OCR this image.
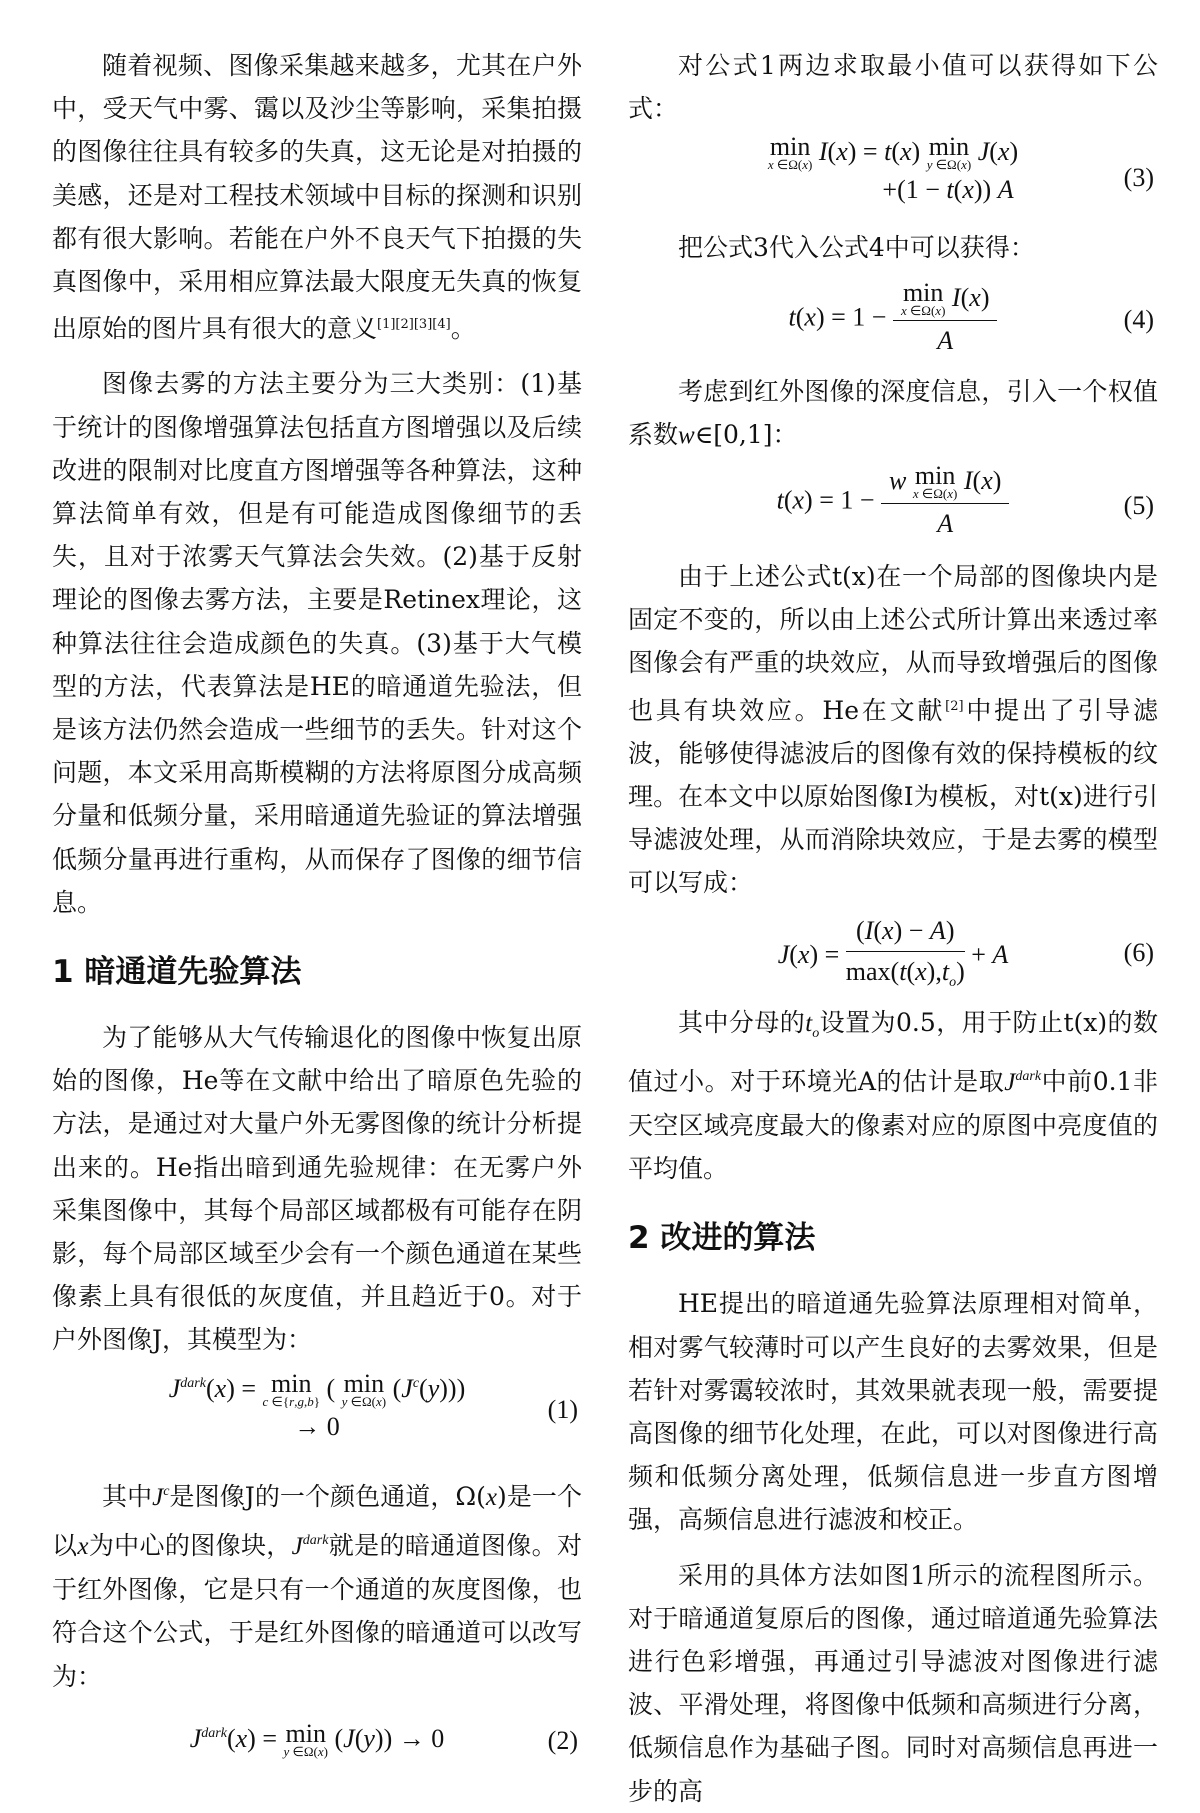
随着视频、图像采集越来越多，尤其在户外中，受天气中雾、霭以及沙尘等影响，采集拍摄的图像往往具有较多的失真，这无论是对拍摄的美感，还是对工程技术领域中目标的探测和识别都有很大影响。若能在户外不良天气下拍摄的失真图像中，采用相应算法最大限度无失真的恢复出原始的图片具有很大的意义[1][2][3][4]。

图像去雾的方法主要分为三大类别：(1)基于统计的图像增强算法包括直方图增强以及后续改进的限制对比度直方图增强等各种算法，这种算法简单有效，但是有可能造成图像细节的丢失，且对于浓雾天气算法会失效。(2)基于反射理论的图像去雾方法，主要是Retinex理论，这种算法往往会造成颜色的失真。(3)基于大气模型的方法，代表算法是HE的暗通道先验法，但是该方法仍然会造成一些细节的丢失。针对这个问题，本文采用高斯模糊的方法将原图分成高频分量和低频分量，采用暗通道先验证的算法增强低频分量再进行重构，从而保存了图像的细节信息。

1 暗通道先验算法

为了能够从大气传输退化的图像中恢复出原始的图像，He等在文献中给出了暗原色先验的方法，是通过对大量户外无雾图像的统计分析提出来的。He指出暗到通先验规律：在无雾户外采集图像中，其每个局部区域都极有可能存在阴影，每个局部区域至少会有一个颜色通道在某些像素上具有很低的灰度值，并且趋近于0。对于户外图像J，其模型为：

$J^{dark}(x) = \min$
c ∈{r,g,b} ( min
y ∈Ω(x) $(J^c(y))$)
→ 0
(1)

其中$J^c$是图像J的一个颜色通道，Ω(x)是一个以x为中心的图像块，$J^{dark}$就是的暗通道图像。对于红外图像，它是只有一个通道的灰度图像，也符合这个公式，于是红外图像的暗通道可以改写为：

$J^{dark}(x) = \min$
y ∈Ω(x) (J(y)) → 0	(2)

对公式1两边求取最小值可以获得如下公式：

min
x ∈Ω(x) I(x) = t(x) min
y ∈Ω(x) J(x)
+(1 − t(x)) A	(3)

把公式3代入公式4中可以获得：

t(x) = 1 − min
x ∈Ω(x) I(x)
A	(4)

考虑到红外图像的深度信息，引入一个权值系数w∈[0,1]：

t(x) = 1 − w min
x ∈Ω(x) I(x)
A	(5)

由于上述公式t(x)在一个局部的图像块内是固定不变的，所以由上述公式所计算出来透过率图像会有严重的块效应，从而导致增强后的图像也具有块效应。He在文献[2]中提出了引导滤波，能够使得滤波后的图像有效的保持模板的纹理。在本文中以原始图像I为模板，对t(x)进行引导滤波处理，从而消除块效应，于是去雾的模型可以写成：

$J(x) = \frac{(I(x) - A)}{\max(t(x),t_o)} + A$	(6)

其中分母的$t_o$设置为0.5，用于防止t(x)的数值过小。对于环境光A的估计是取$J^{dark}$中前0.1非天空区域亮度最大的像素对应的原图中亮度值的平均值。

2 改进的算法

HE提出的暗道通先验算法原理相对简单，相对雾气较薄时可以产生良好的去雾效果，但是若针对雾霭较浓时，其效果就表现一般，需要提高图像的细节化处理，在此，可以对图像进行高频和低频分离处理，低频信息进一步直方图增强，高频信息进行滤波和校正。

采用的具体方法如图1所示的流程图所示。对于暗通道复原后的图像，通过暗道通先验算法进行色彩增强，再通过引导滤波对图像进行滤波、平滑处理，将图像中低频和高频进行分离，低频信息作为基础子图。同时对高频信息再进一步的高
